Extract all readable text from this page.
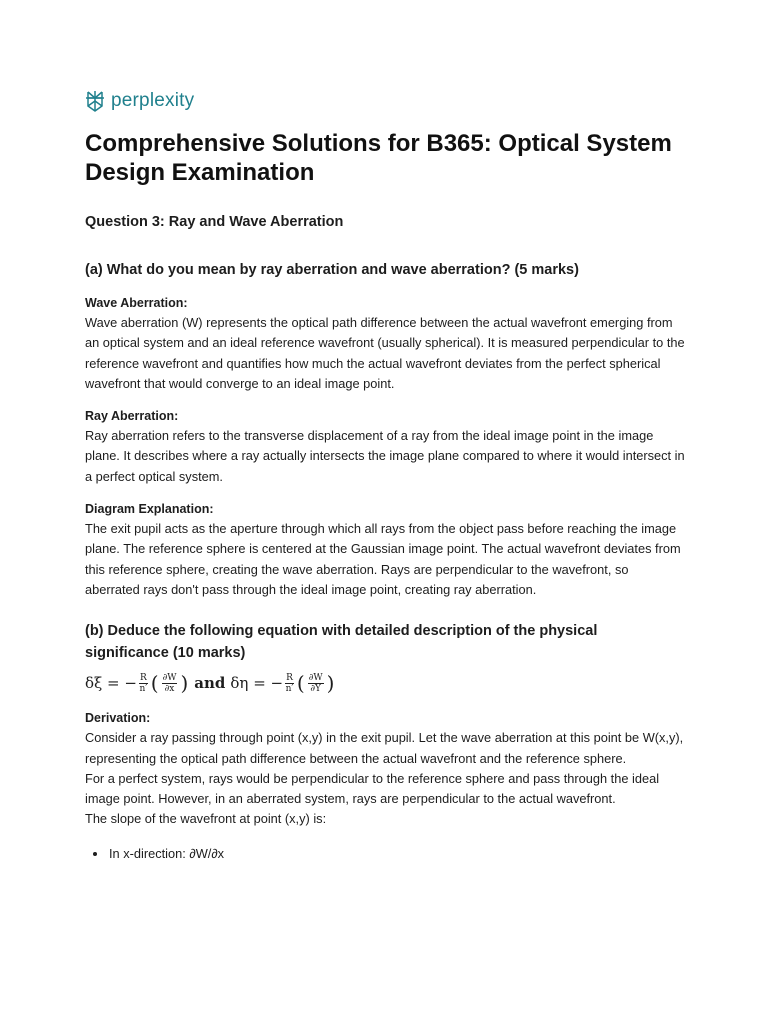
perplexity
Comprehensive Solutions for B365: Optical System Design Examination
Question 3: Ray and Wave Aberration
(a) What do you mean by ray aberration and wave aberration? (5 marks)
Wave Aberration:

Wave aberration (W) represents the optical path difference between the actual wavefront emerging from an optical system and an ideal reference wavefront (usually spherical). It is measured perpendicular to the reference wavefront and quantifies how much the actual wavefront deviates from the perfect spherical wavefront that would converge to an ideal image point.

Ray Aberration:

Ray aberration refers to the transverse displacement of a ray from the ideal image point in the image plane. It describes where a ray actually intersects the image plane compared to where it would intersect in a perfect optical system.

Diagram Explanation:

The exit pupil acts as the aperture through which all rays from the object pass before reaching the image plane. The reference sphere is centered at the Gaussian image point. The actual wavefront deviates from this reference sphere, creating the wave aberration. Rays are perpendicular to the wavefront, so aberrated rays don't pass through the ideal image point, creating ray aberration.

(b) Deduce the following equation with detailed description of the physical significance (10 marks)
δξ = − $\frac{R}{n'}$ ( $\frac{\partial W}{\partial x}$ ) and δη = − $\frac{R}{n'}$ ( $\frac{\partial W}{\partial Y}$ )
Derivation:

Consider a ray passing through point (x,y) in the exit pupil. Let the wave aberration at this point be W(x,y), representing the optical path difference between the actual wavefront and the reference sphere.

For a perfect system, rays would be perpendicular to the reference sphere and pass through the ideal image point. However, in an aberrated system, rays are perpendicular to the actual wavefront.

The slope of the wavefront at point (x,y) is:

• In x-direction: ∂W/∂x
